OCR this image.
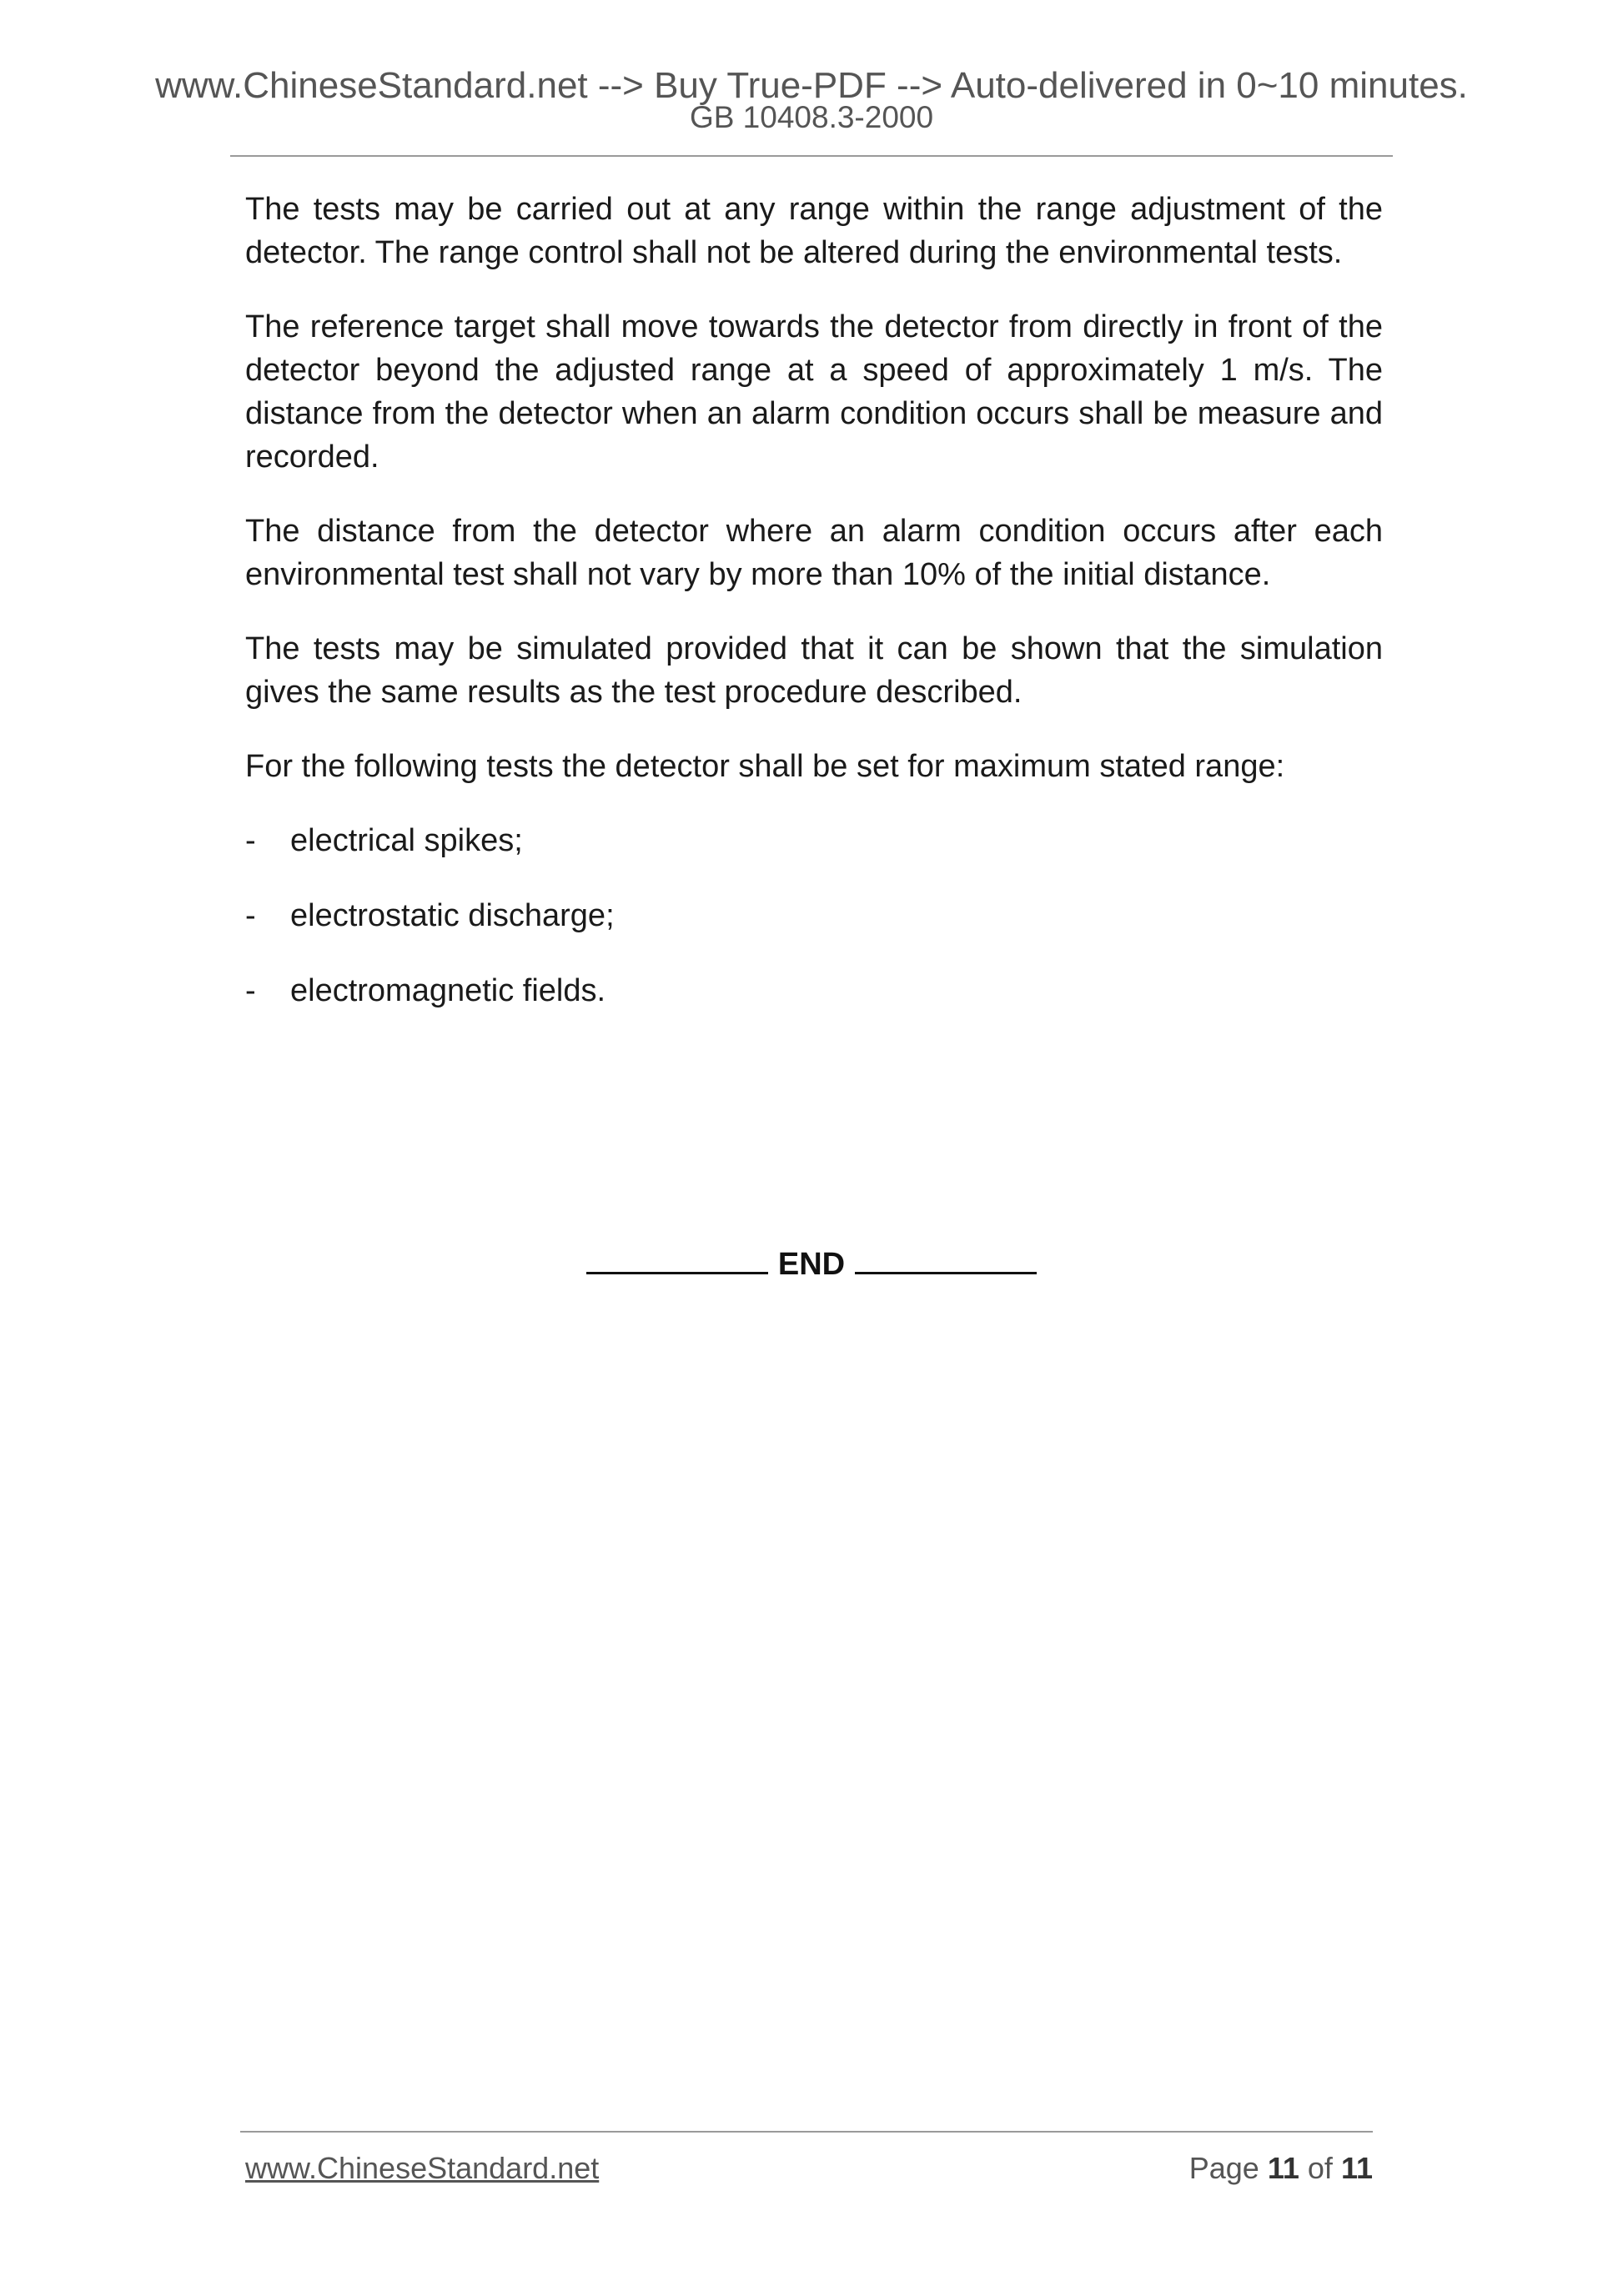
www.ChineseStandard.net --> Buy True-PDF --> Auto-delivered in 0~10 minutes.
GB 10408.3-2000

The tests may be carried out at any range within the range adjustment of the detector. The range control shall not be altered during the environmental tests.

The reference target shall move towards the detector from directly in front of the detector beyond the adjusted range at a speed of approximately 1 m/s. The distance from the detector when an alarm condition occurs shall be measure and recorded.

The distance from the detector where an alarm condition occurs after each environmental test shall not vary by more than 10% of the initial distance.

The tests may be simulated provided that it can be shown that the simulation gives the same results as the test procedure described.

For the following tests the detector shall be set for maximum stated range:

-	electrical spikes;
-	electrostatic discharge;
-	electromagnetic fields.
END
www.ChineseStandard.net	Page 11 of 11
